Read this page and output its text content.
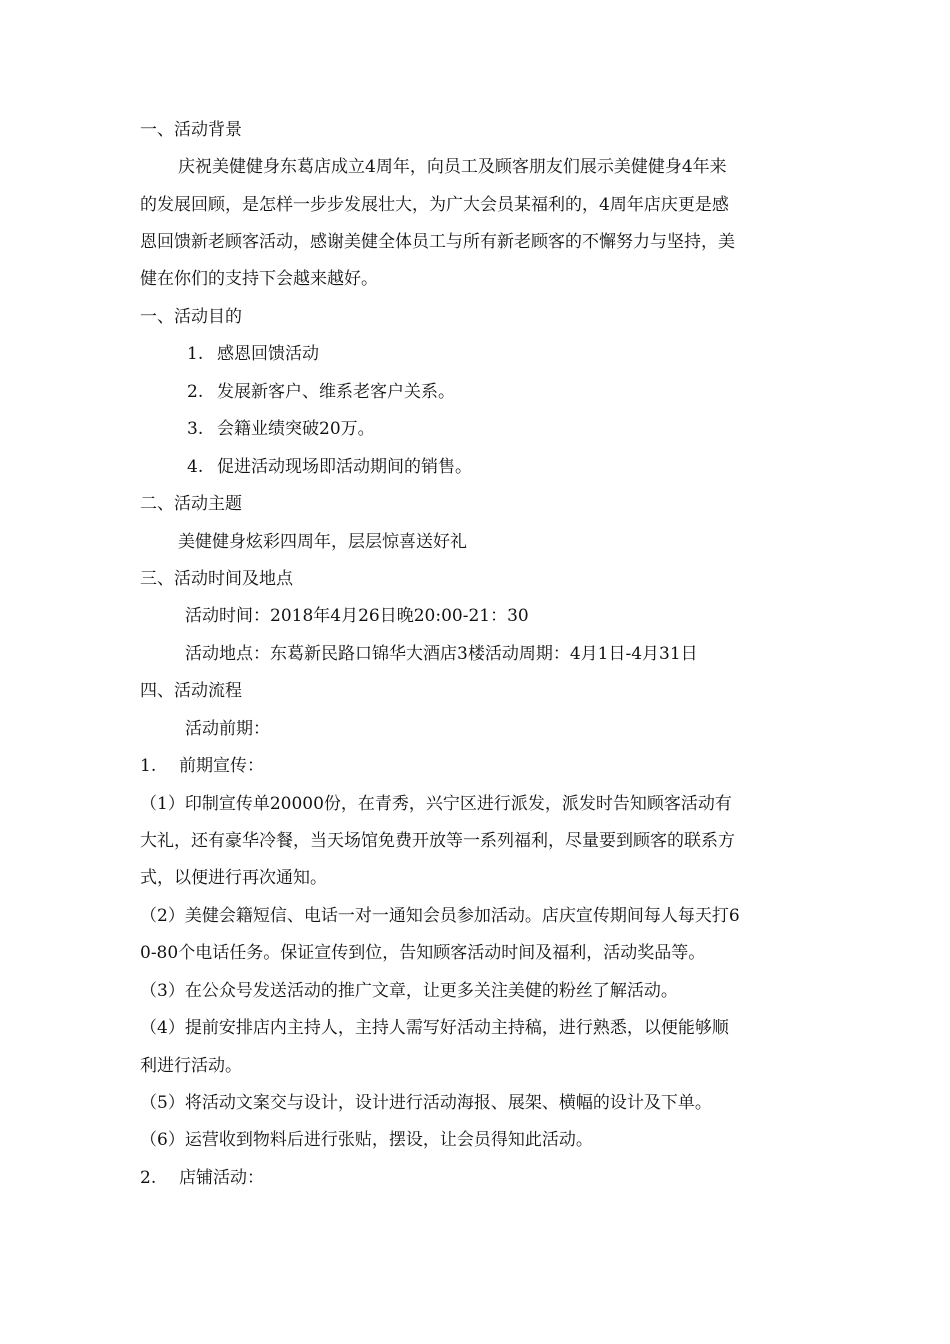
一、活动背景
庆祝美健健身东葛店成立4周年，向员工及顾客朋友们展示美健健身4年来
的发展回顾，是怎样一步步发展壮大，为广大会员某福利的，4周年店庆更是感
恩回馈新老顾客活动，感谢美健全体员工与所有新老顾客的不懈努力与坚持，美
健在你们的支持下会越来越好。
一、活动目的
1. 感恩回馈活动
2. 发展新客户、维系老客户关系。
3. 会籍业绩突破20万。
4. 促进活动现场即活动期间的销售。
二、活动主题
美健健身炫彩四周年，层层惊喜送好礼
三、活动时间及地点
活动时间：2018年4月26日晚20:00-21：30
活动地点：东葛新民路口锦华大酒店3楼活动周期：4月1日-4月31日
四、活动流程
活动前期：
1. 前期宣传：
（1）印制宣传单20000份，在青秀，兴宁区进行派发，派发时告知顾客活动有
大礼，还有豪华冷餐，当天场馆免费开放等一系列福利，尽量要到顾客的联系方
式，以便进行再次通知。
（2）美健会籍短信、电话一对一通知会员参加活动。店庆宣传期间每人每天打6
0-80个电话任务。保证宣传到位，告知顾客活动时间及福利，活动奖品等。
（3）在公众号发送活动的推广文章，让更多关注美健的粉丝了解活动。
（4）提前安排店内主持人，主持人需写好活动主持稿，进行熟悉，以便能够顺
利进行活动。
（5）将活动文案交与设计，设计进行活动海报、展架、横幅的设计及下单。
（6）运营收到物料后进行张贴，摆设，让会员得知此活动。
2. 店铺活动：
